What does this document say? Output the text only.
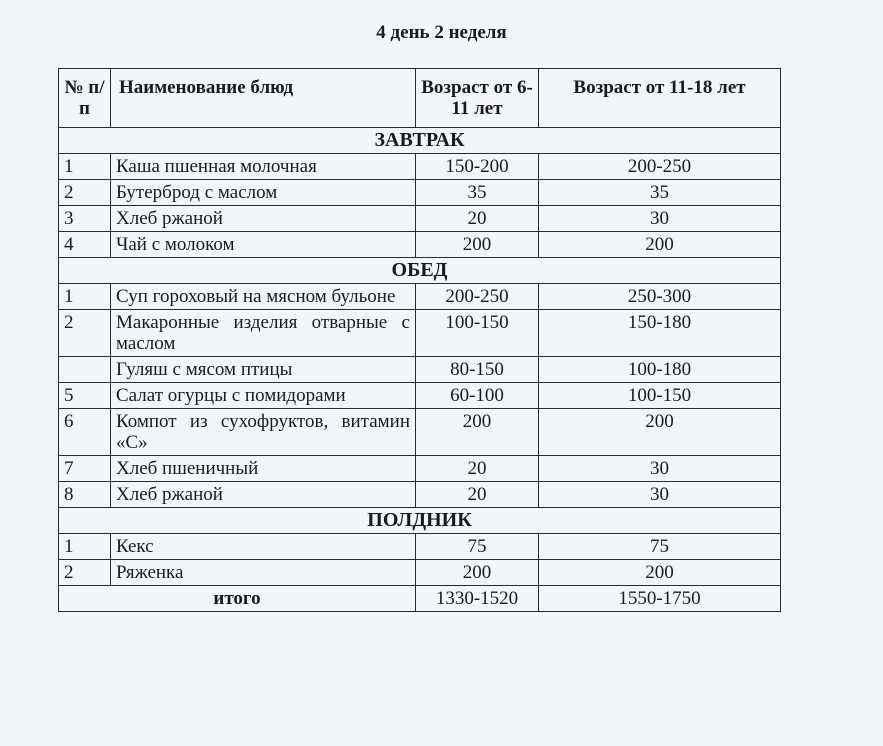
4 день 2 неделя
№ п/п	Наименование блюд	Возраст от 6-11 лет	Возраст от 11-18 лет
ЗАВТРАК			
1	Каша пшенная молочная	150-200	200-250
2	Бутерброд с маслом	35	35
3	Хлеб ржаной	20	30
4	Чай с молоком	200	200
ОБЕД			
1	Суп гороховый на мясном бульоне	200-250	250-300
2	Макаронные изделия отварные с маслом	100-150	150-180
	Гуляш с мясом птицы	80-150	100-180
5	Салат огурцы с помидорами	60-100	100-150
6	Компот из сухофруктов, витамин «С»	200	200
7	Хлеб пшеничный	20	30
8	Хлеб ржаной	20	30
ПОЛДНИК			
1	Кекс	75	75
2	Ряженка	200	200
итого		1330-1520	1550-1750
